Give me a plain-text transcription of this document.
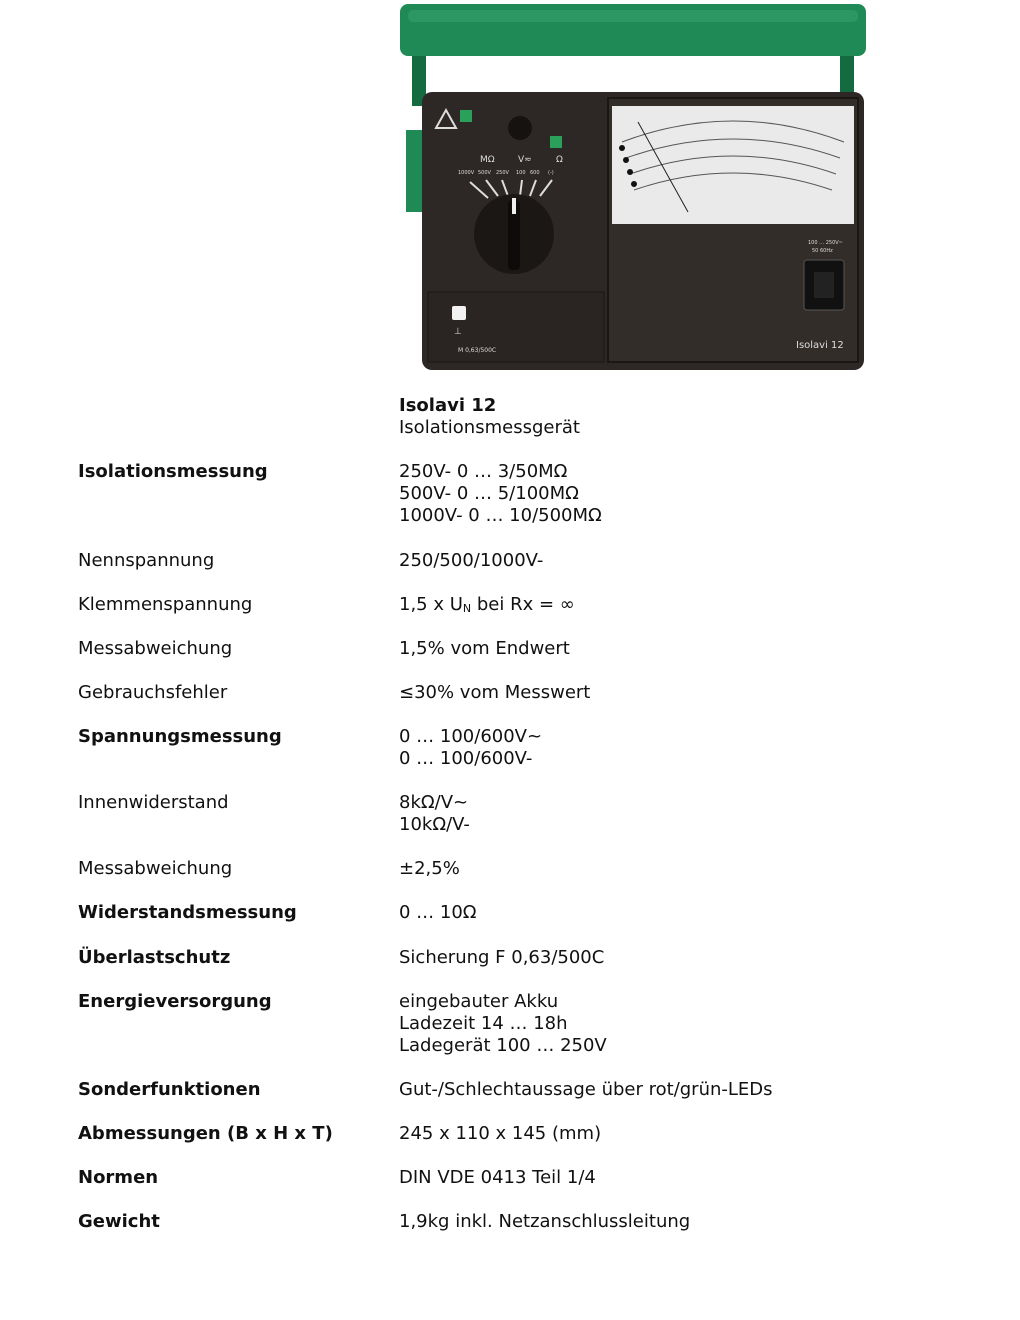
MΩ	V≂	Ω
1000V 500V 250V 100 600 (-)
⊥
M 0,63/500C
100 … 250V~
50 60Hz
Isolavi 12
Isolavi 12
Isolationsmessgerät
Isolationsmessung	250V- 0 … 3/50MΩ
500V- 0 … 5/100MΩ
1000V- 0 … 10/500MΩ
Nennspannung	250/500/1000V-
Klemmenspannung	1,5 x $U_N$ bei Rx = ∞
Messabweichung	1,5% vom Endwert
Gebrauchsfehler	≤30% vom Messwert
Spannungsmessung	0 … 100/600V~
0 … 100/600V-
Innenwiderstand	8kΩ/V~
10kΩ/V-
Messabweichung	±2,5%
Widerstandsmessung	0 … 10Ω
Überlastschutz	Sicherung F 0,63/500C
Energieversorgung	eingebauter Akku
Ladezeit 14 … 18h
Ladegerät 100 … 250V
Sonderfunktionen	Gut-/Schlechtaussage über rot/grün-LEDs
Abmessungen (B x H x T)	245 x 110 x 145 (mm)
Normen	DIN VDE 0413 Teil 1/4
Gewicht	1,9kg inkl. Netzanschlussleitung
